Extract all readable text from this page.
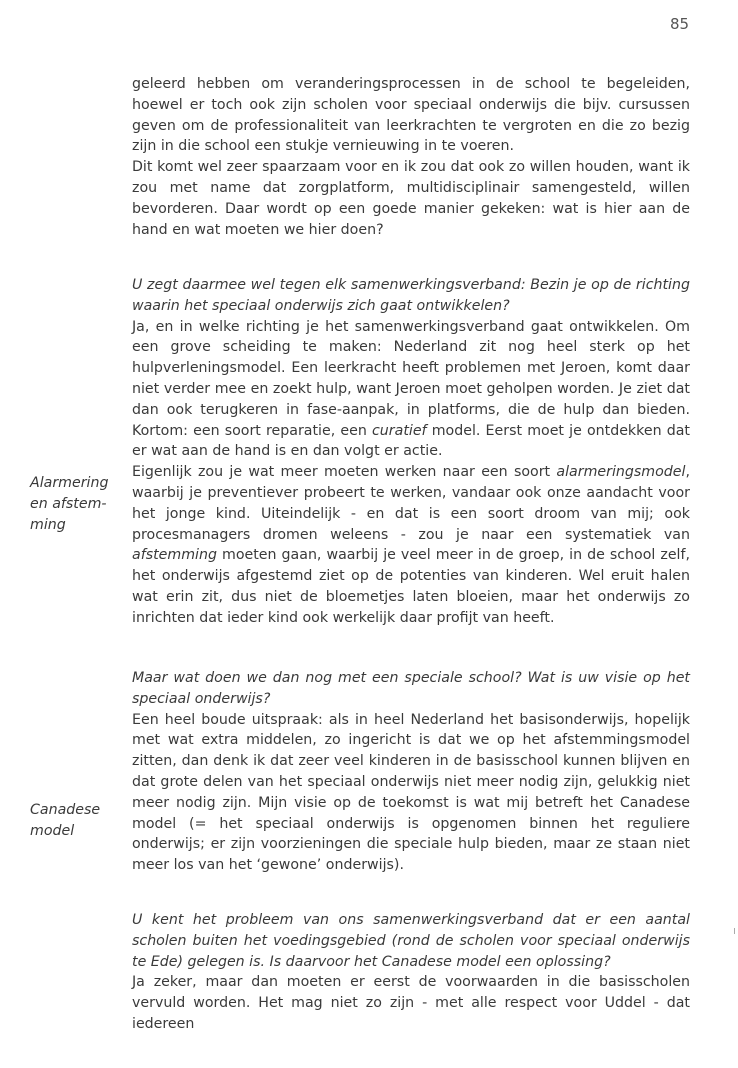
85

geleerd hebben om veranderingsprocessen in de school te begeleiden, hoewel er toch ook zijn scholen voor speciaal onderwijs die bijv. cursussen geven om de professionaliteit van leerkrachten te vergroten en die zo bezig zijn in die school een stukje vernieuwing in te voeren.

Dit komt wel zeer spaarzaam voor en ik zou dat ook zo willen houden, want ik zou met name dat zorgplatform, multidisciplinair samengesteld, willen bevorderen. Daar wordt op een goede manier gekeken: wat is hier aan de hand en wat moeten we hier doen?

U zegt daarmee wel tegen elk samenwerkingsverband: Bezin je op de richting waarin het speciaal onderwijs zich gaat ontwikkelen?

Ja, en in welke richting je het samenwerkingsverband gaat ontwikkelen. Om een grove scheiding te maken: Nederland zit nog heel sterk op het hulpverleningsmodel. Een leerkracht heeft problemen met Jeroen, komt daar niet verder mee en zoekt hulp, want Jeroen moet geholpen worden. Je ziet dat dan ook terugkeren in fase-aanpak, in platforms, die de hulp dan bieden. Kortom: een soort reparatie, een curatief model. Eerst moet je ontdekken dat er wat aan de hand is en dan volgt er actie.

Eigenlijk zou je wat meer moeten werken naar een soort alarmeringsmodel, waarbij je preventiever probeert te werken, vandaar ook onze aandacht voor het jonge kind. Uiteindelijk - en dat is een soort droom van mij; ook procesmanagers dromen weleens - zou je naar een systematiek van afstemming moeten gaan, waarbij je veel meer in de groep, in de school zelf, het onderwijs afgestemd ziet op de potenties van kinderen. Wel eruit halen wat erin zit, dus niet de bloemetjes laten bloeien, maar het onderwijs zo inrichten dat ieder kind ook werkelijk daar profijt van heeft.

Maar wat doen we dan nog met een speciale school? Wat is uw visie op het speciaal onderwijs?

Een heel boude uitspraak: als in heel Nederland het basisonderwijs, hopelijk met wat extra middelen, zo ingericht is dat we op het afstemmingsmodel zitten, dan denk ik dat zeer veel kinderen in de basisschool kunnen blijven en dat grote delen van het speciaal onderwijs niet meer nodig zijn, gelukkig niet meer nodig zijn. Mijn visie op de toekomst is wat mij betreft het Canadese model (= het speciaal onderwijs is opgenomen binnen het reguliere onderwijs; er zijn voorzieningen die speciale hulp bieden, maar ze staan niet meer los van het ‘gewone’ onderwijs).

U kent het probleem van ons samenwerkingsverband dat er een aantal scholen buiten het voedingsgebied (rond de scholen voor speciaal onderwijs te Ede) gelegen is. Is daarvoor het Canadese model een oplossing?

Ja zeker, maar dan moeten er eerst de voorwaarden in die basisscholen vervuld worden. Het mag niet zo zijn - met alle respect voor Uddel - dat iedereen

Alarmering en afstem- ming
Canadese model
